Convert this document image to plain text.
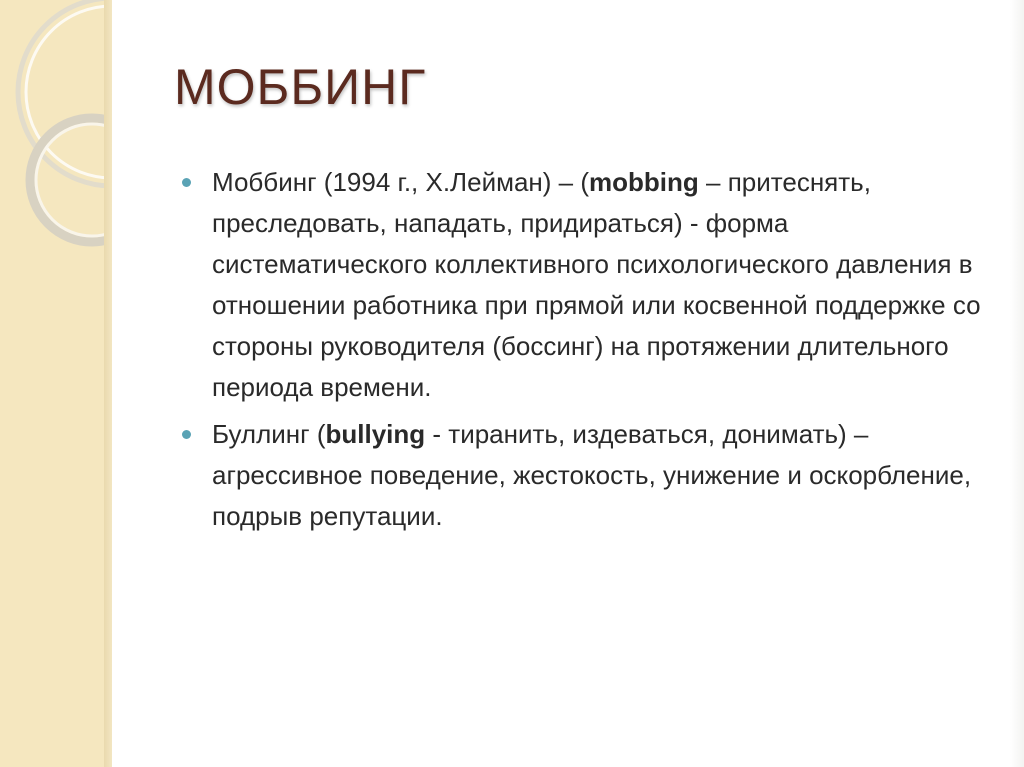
МОББИНГ
Моббинг (1994 г., Х.Лейман) – (mobbing – притеснять, преследовать, нападать, придираться) - форма систематического коллективного психологического давления в отношении работника при прямой или косвенной поддержке со стороны руководителя (боссинг) на протяжении длительного периода времени.
Буллинг (bullying - тиранить, издеваться, донимать) – агрессивное поведение, жестокость, унижение и оскорбление, подрыв репутации.
